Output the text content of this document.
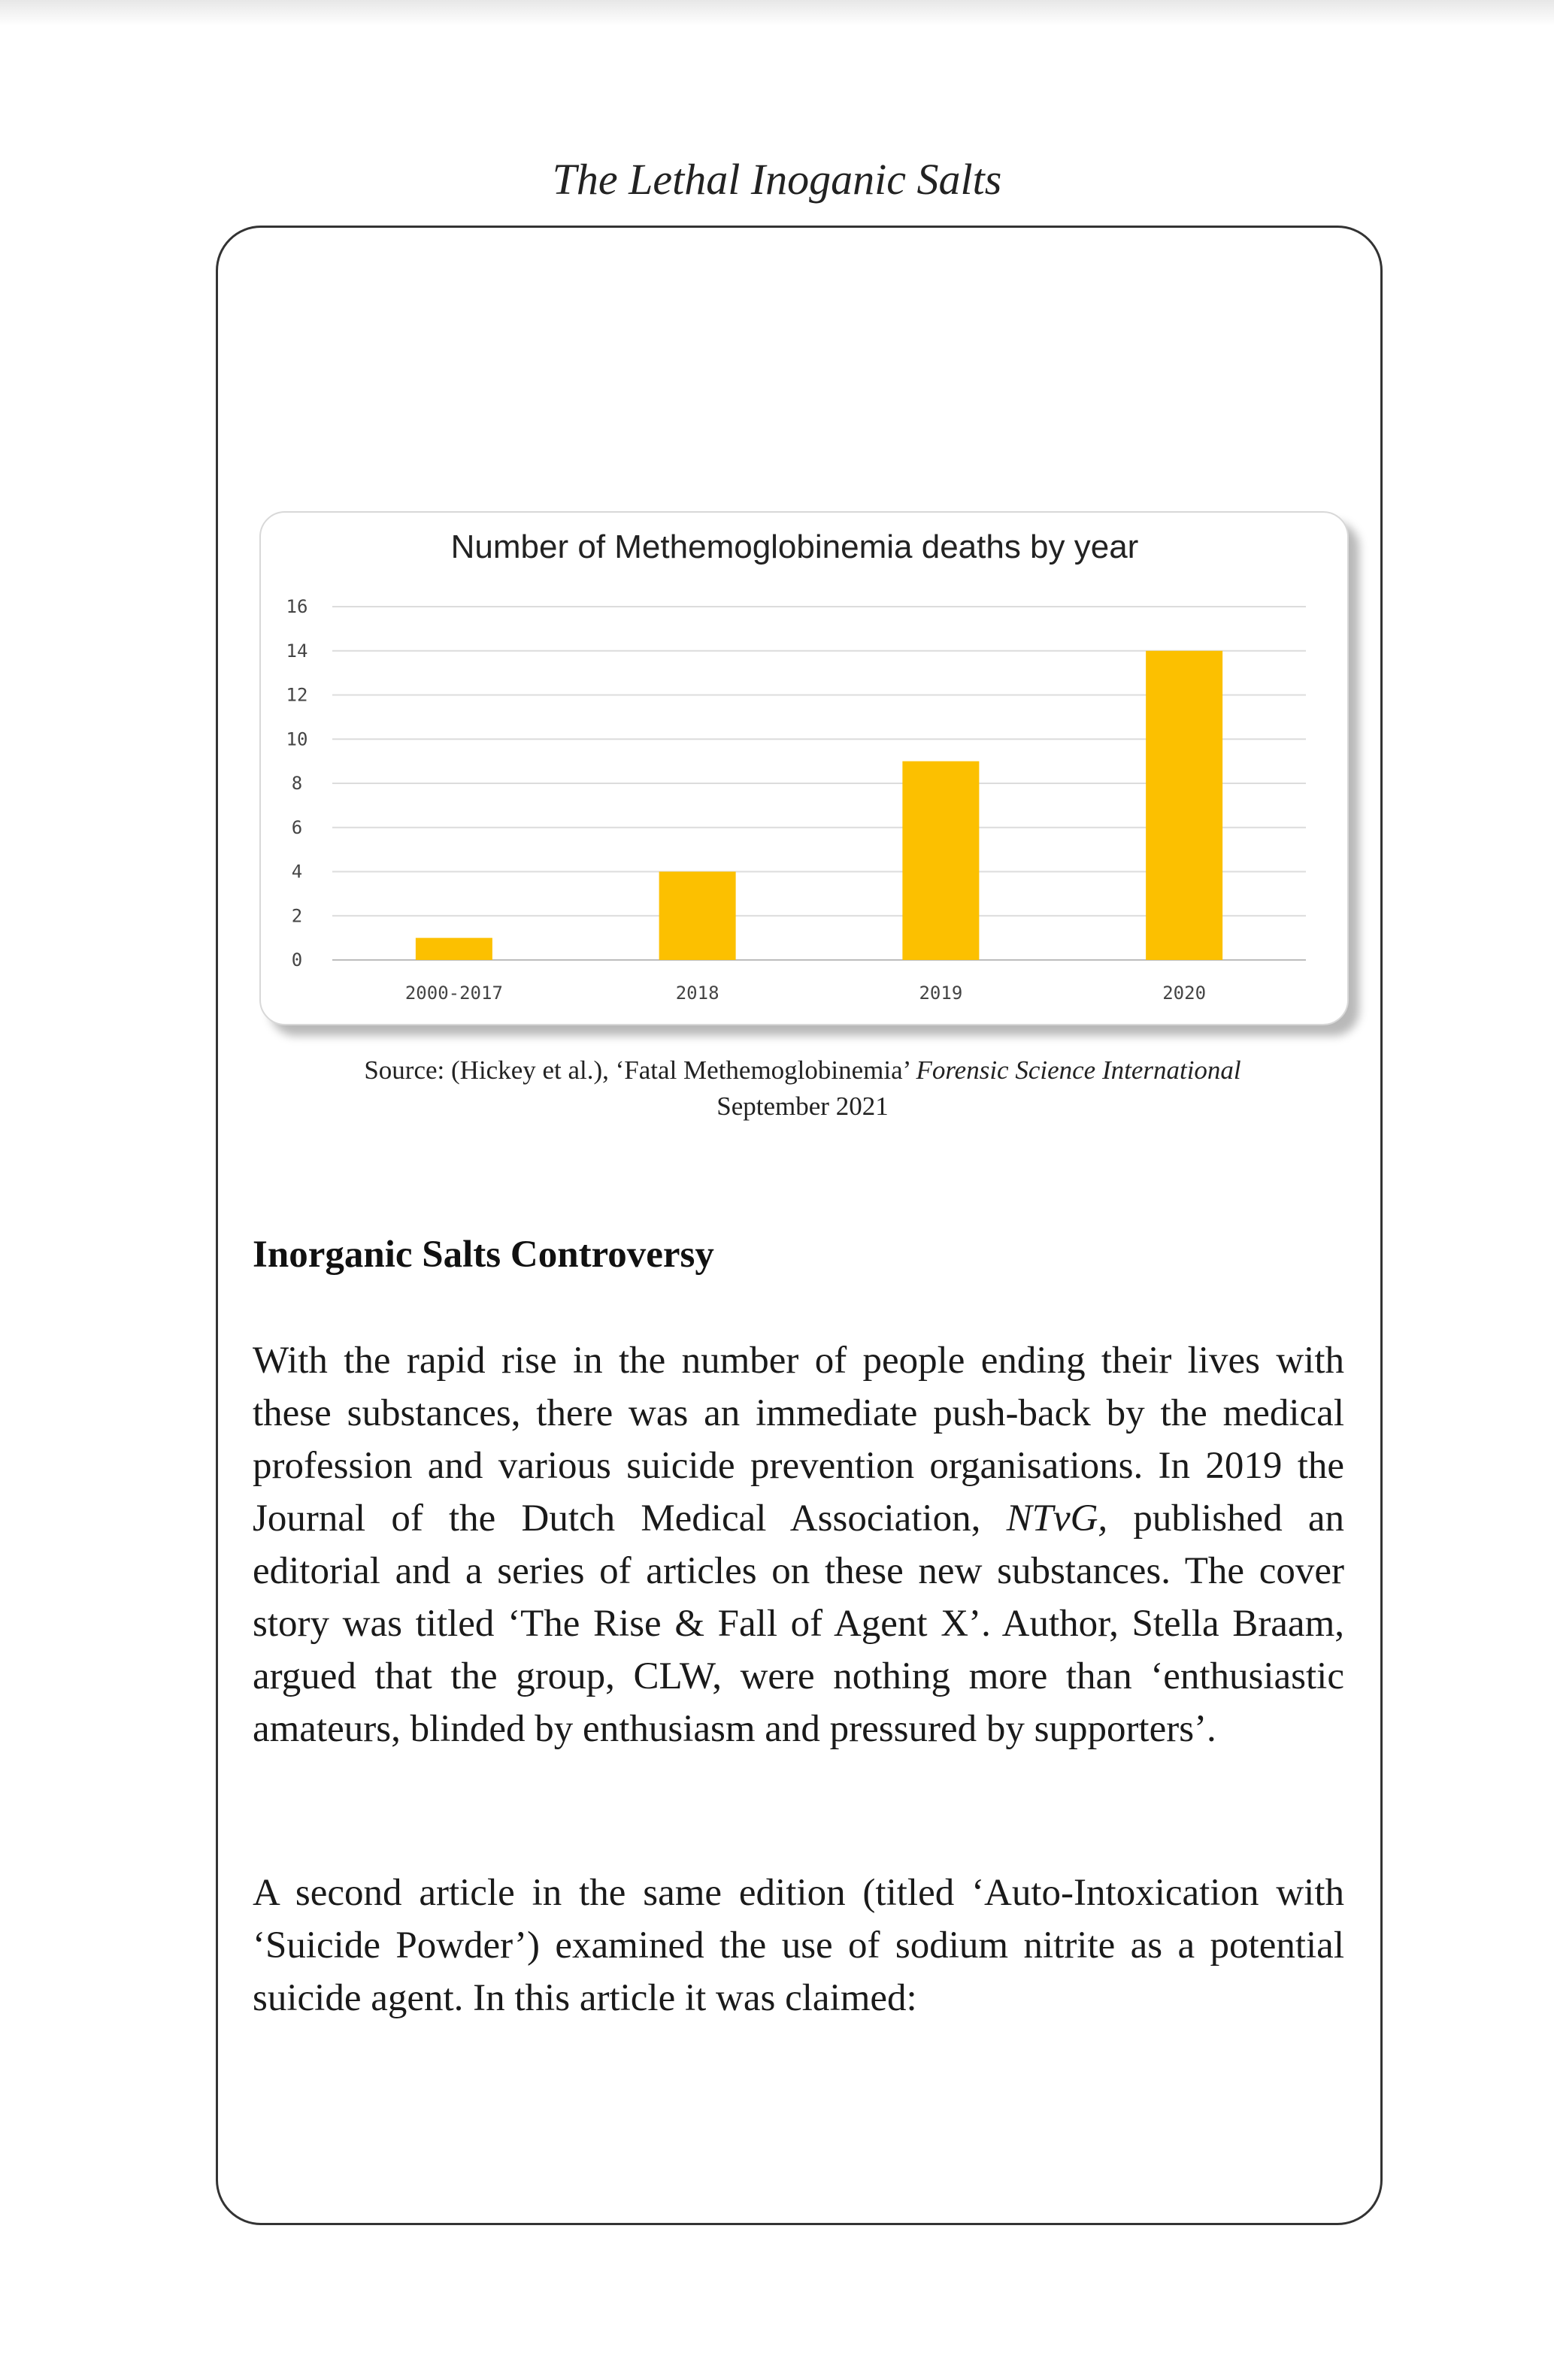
The Lethal Inoganic Salts
Number of Methemoglobinemia deaths by year
0
2
4
6
8
10
12
14
16
2000-2017	2018	2019	2020
Source: (Hickey et al.), ‘Fatal Methemoglobinemia’ Forensic Science International
September 2021
Inorganic Salts Controversy

With the rapid rise in the number of people ending their lives with these substances, there was an immediate push-back by the medical profession and various suicide prevention organisations. In 2019 the Journal of the Dutch Medical Association, NTvG, published an editorial and a series of articles on these new substances. The cover story was titled ‘The Rise & Fall of Agent X’. Author, Stella Braam, argued that the group, CLW, were nothing more than ‘enthusiastic amateurs, blinded by enthusiasm and pressured by supporters’.

A second article in the same edition (titled ‘Auto-Intoxication with ‘Suicide Powder’) examined the use of sodium nitrite as a potential suicide agent. In this article it was claimed:
